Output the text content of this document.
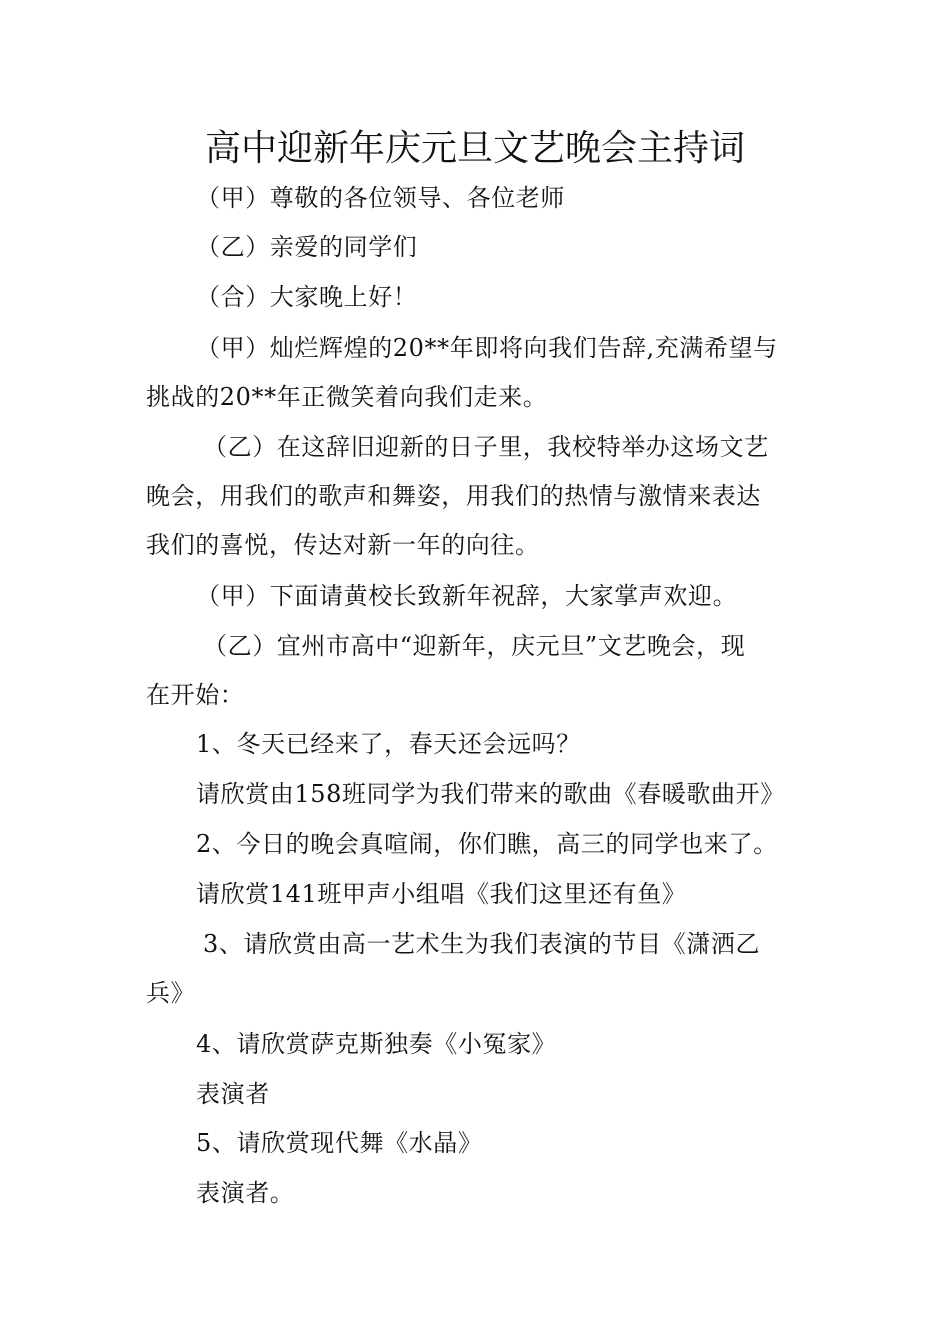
高中迎新年庆元旦文艺晚会主持词
（甲）尊敬的各位领导、各位老师
（乙）亲爱的同学们
（合）大家晚上好！
（甲）灿烂辉煌的20**年即将向我们告辞,充满希望与
挑战的20**年正微笑着向我们走来。
（乙）在这辞旧迎新的日子里，我校特举办这场文艺
晚会，用我们的歌声和舞姿，用我们的热情与激情来表达
我们的喜悦，传达对新一年的向往。
（甲）下面请黄校长致新年祝辞，大家掌声欢迎。
（乙）宜州市高中“迎新年，庆元旦”文艺晚会，现
在开始：
1、冬天已经来了，春天还会远吗？
请欣赏由158班同学为我们带来的歌曲《春暖歌曲开》
2、今日的晚会真喧闹，你们瞧，高三的同学也来了。
请欣赏141班甲声小组唱《我们这里还有鱼》
3、请欣赏由高一艺术生为我们表演的节目《潇洒乙
兵》
4、请欣赏萨克斯独奏《小冤家》
表演者
5、请欣赏现代舞《水晶》
表演者。
